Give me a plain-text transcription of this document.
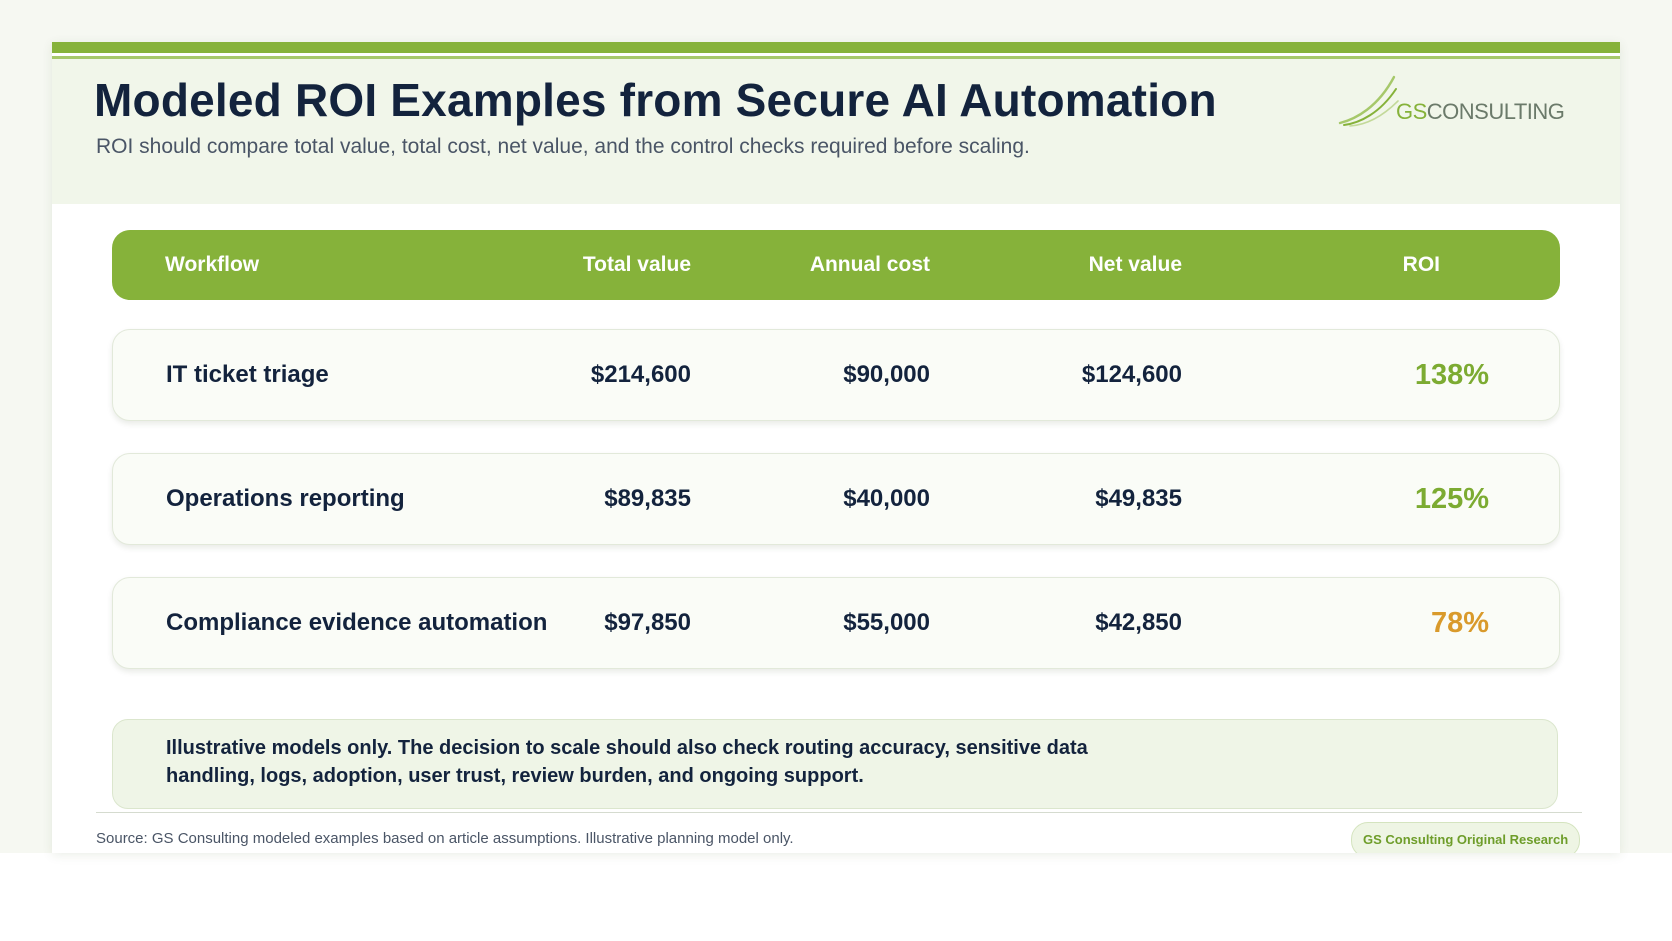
Modeled ROI Examples from Secure AI Automation
ROI should compare total value, total cost, net value, and the control checks required before scaling.
GSCONSULTING
Workflow	Total value	Annual cost	Net value	ROI
IT ticket triage	$214,600	$90,000	$124,600	138%
Operations reporting	$89,835	$40,000	$49,835	125%
Compliance evidence automation $97,850	$55,000	$42,850	78%
Illustrative models only. The decision to scale should also check routing accuracy, sensitive data handling, logs, adoption, user trust, review burden, and ongoing support.
Source: GS Consulting modeled examples based on article assumptions. Illustrative planning model only.	GS Consulting Original Research
